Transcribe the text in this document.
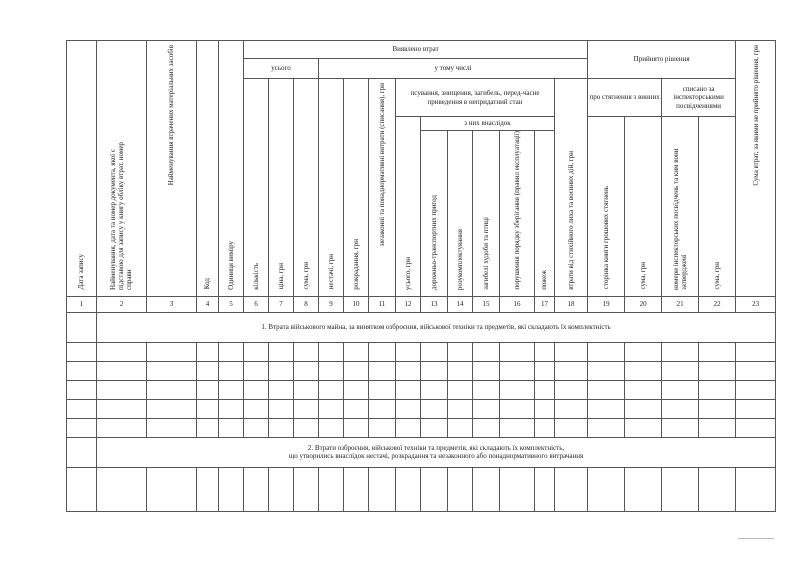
Дата запису	Найменування, дата та номер документа, якої є підставою для запису у книгу обліку втрат, номер справи	Найменування втрачених матеріальних засобів	Код	Одиниця виміру	Виявлено втрат													Прийнято рішення				Сума втрат, за якими не прийнято рішення, грн
					усього			у тому числі														
					кількість	ціна, грн	сума, грн	нестачі, грн	розкрадання, грн	незаконні та понаднормативні витрати (списання), грн	псування, знищення, загибель, перед-часне приведення в непридатний стан						втрати від стихійного лиха та воєнних дій, грн	про стягнення з винних		списано за інспекторськими посвідченнями		

											усього, грн	з них внаслідок						сторінка книги грошових стягнень	сума, грн	номери інспекторських посвідчень та ким вони затверджені	сума, грн	
												дорожньо-транспортних пригод	розукомплектування	загибелі худоби та птиці	порушення порядку зберігання (правил експлуатації)	пожеж						
1	2	3	4	5	6	7	8	9	10	11	12	13	14	15	16	17	18	19	20	21	22	23
	1. Втрата військового майна, за винятком озброєння, військової техніки та предметів, які складають їх комплектність																					

	2. Втрати озброєння, військової техніки та предметів, які складають їх комплектність,
що утворились внаслідок нестачі, розкрадання та незаконного або понаднормативного витрачання																					
